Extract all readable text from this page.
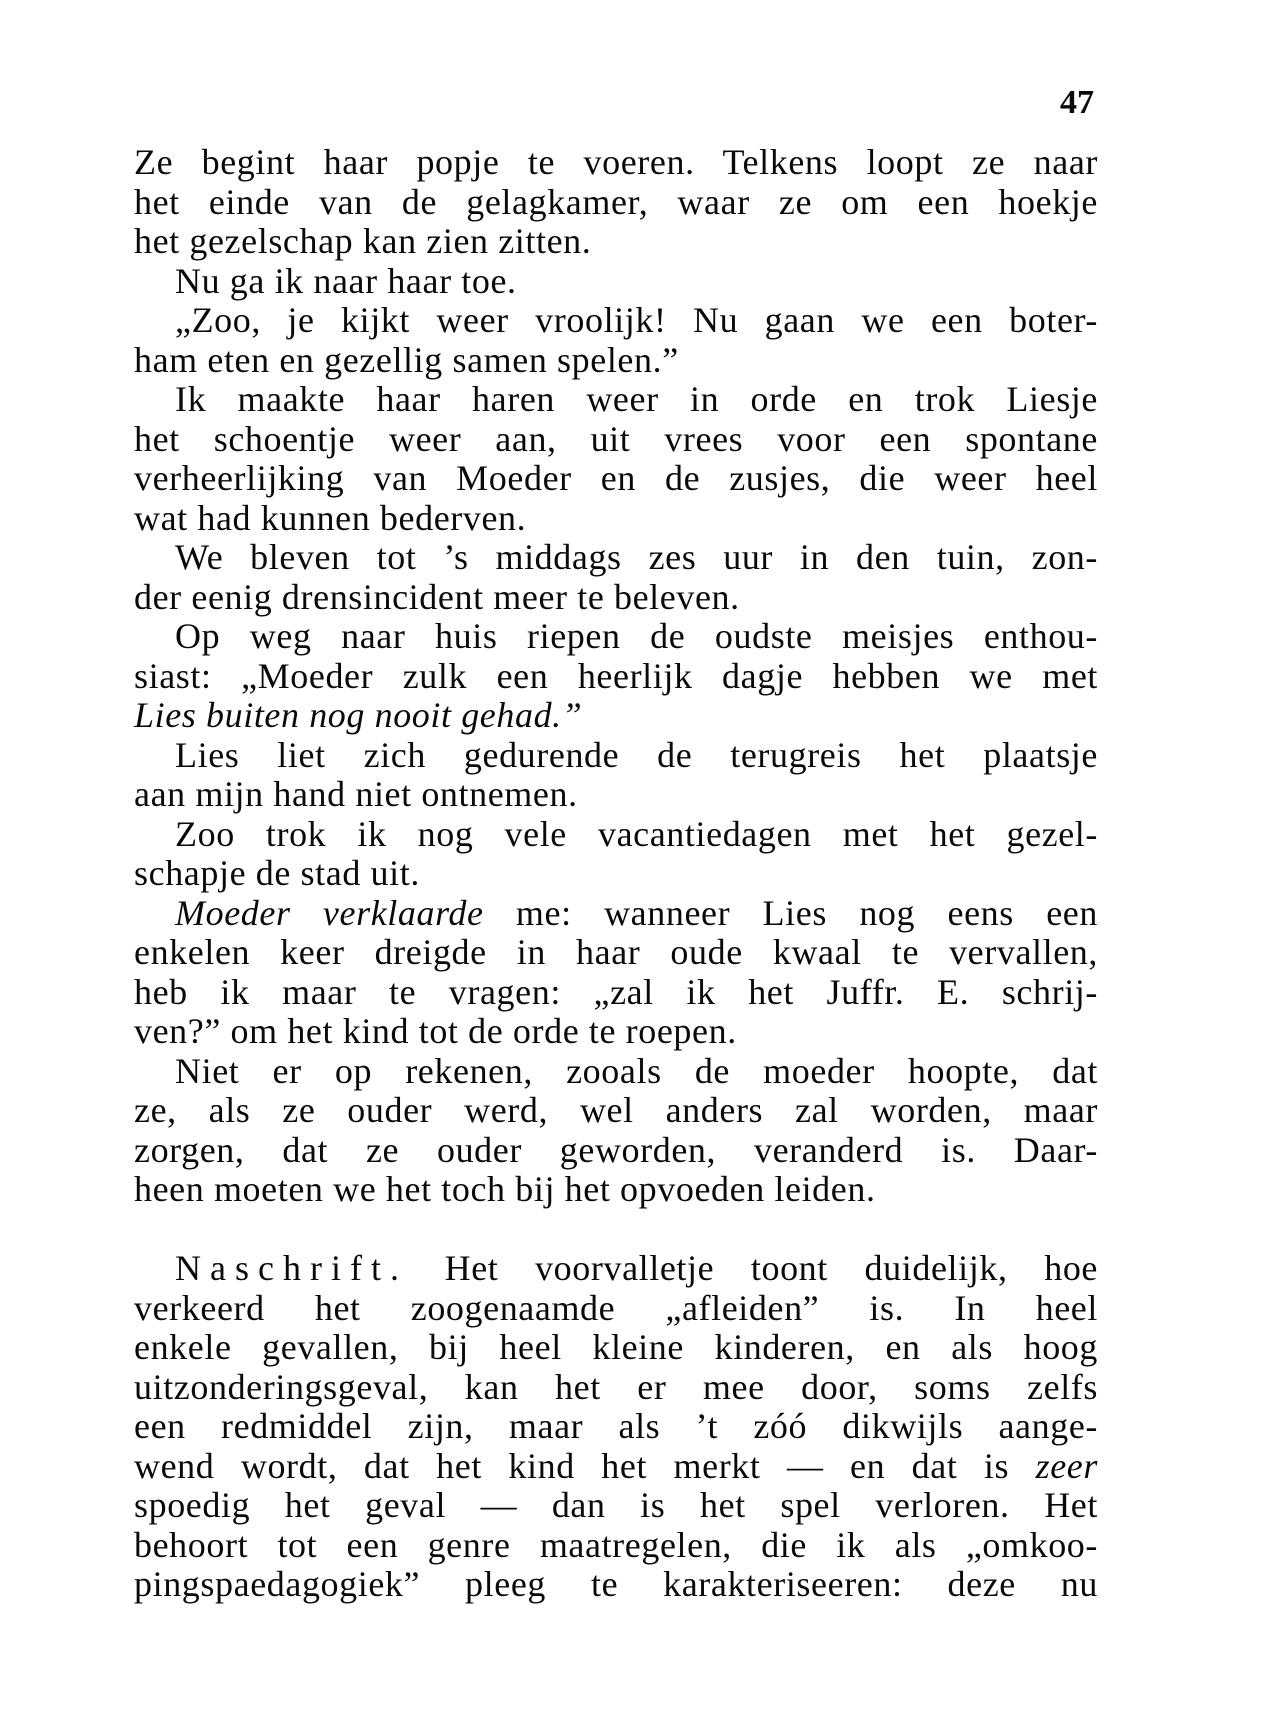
47
Ze begint haar popje te voeren. Telkens loopt ze naar
het einde van de gelagkamer, waar ze om een hoekje
het gezelschap kan zien zitten.
Nu ga ik naar haar toe.
„Zoo, je kijkt weer vroolijk! Nu gaan we een boter-
ham eten en gezellig samen spelen.”
Ik maakte haar haren weer in orde en trok Liesje
het schoentje weer aan, uit vrees voor een spontane
verheerlijking van Moeder en de zusjes, die weer heel
wat had kunnen bederven.
We bleven tot ’s middags zes uur in den tuin, zon-
der eenig drensincident meer te beleven.
Op weg naar huis riepen de oudste meisjes enthou-
siast: „Moeder zulk een heerlijk dagje hebben we met
Lies buiten nog nooit gehad.”
Lies liet zich gedurende de terugreis het plaatsje
aan mijn hand niet ontnemen.
Zoo trok ik nog vele vacantiedagen met het gezel-
schapje de stad uit.
Moeder verklaarde me: wanneer Lies nog eens een
enkelen keer dreigde in haar oude kwaal te vervallen,
heb ik maar te vragen: „zal ik het Juffr. E. schrij-
ven?” om het kind tot de orde te roepen.
Niet er op rekenen, zooals de moeder hoopte, dat
ze, als ze ouder werd, wel anders zal worden, maar
zorgen, dat ze ouder geworden, veranderd is. Daar-
heen moeten we het toch bij het opvoeden leiden.
Naschrift. Het voorvalletje toont duidelijk, hoe
verkeerd het zoogenaamde „afleiden” is. In heel
enkele gevallen, bij heel kleine kinderen, en als hoog
uitzonderingsgeval, kan het er mee door, soms zelfs
een redmiddel zijn, maar als ’t zóó dikwijls aange-
wend wordt, dat het kind het merkt — en dat is zeer
spoedig het geval — dan is het spel verloren. Het
behoort tot een genre maatregelen, die ik als „omkoo-
pingspaedagogiek” pleeg te karakteriseeren: deze nu
